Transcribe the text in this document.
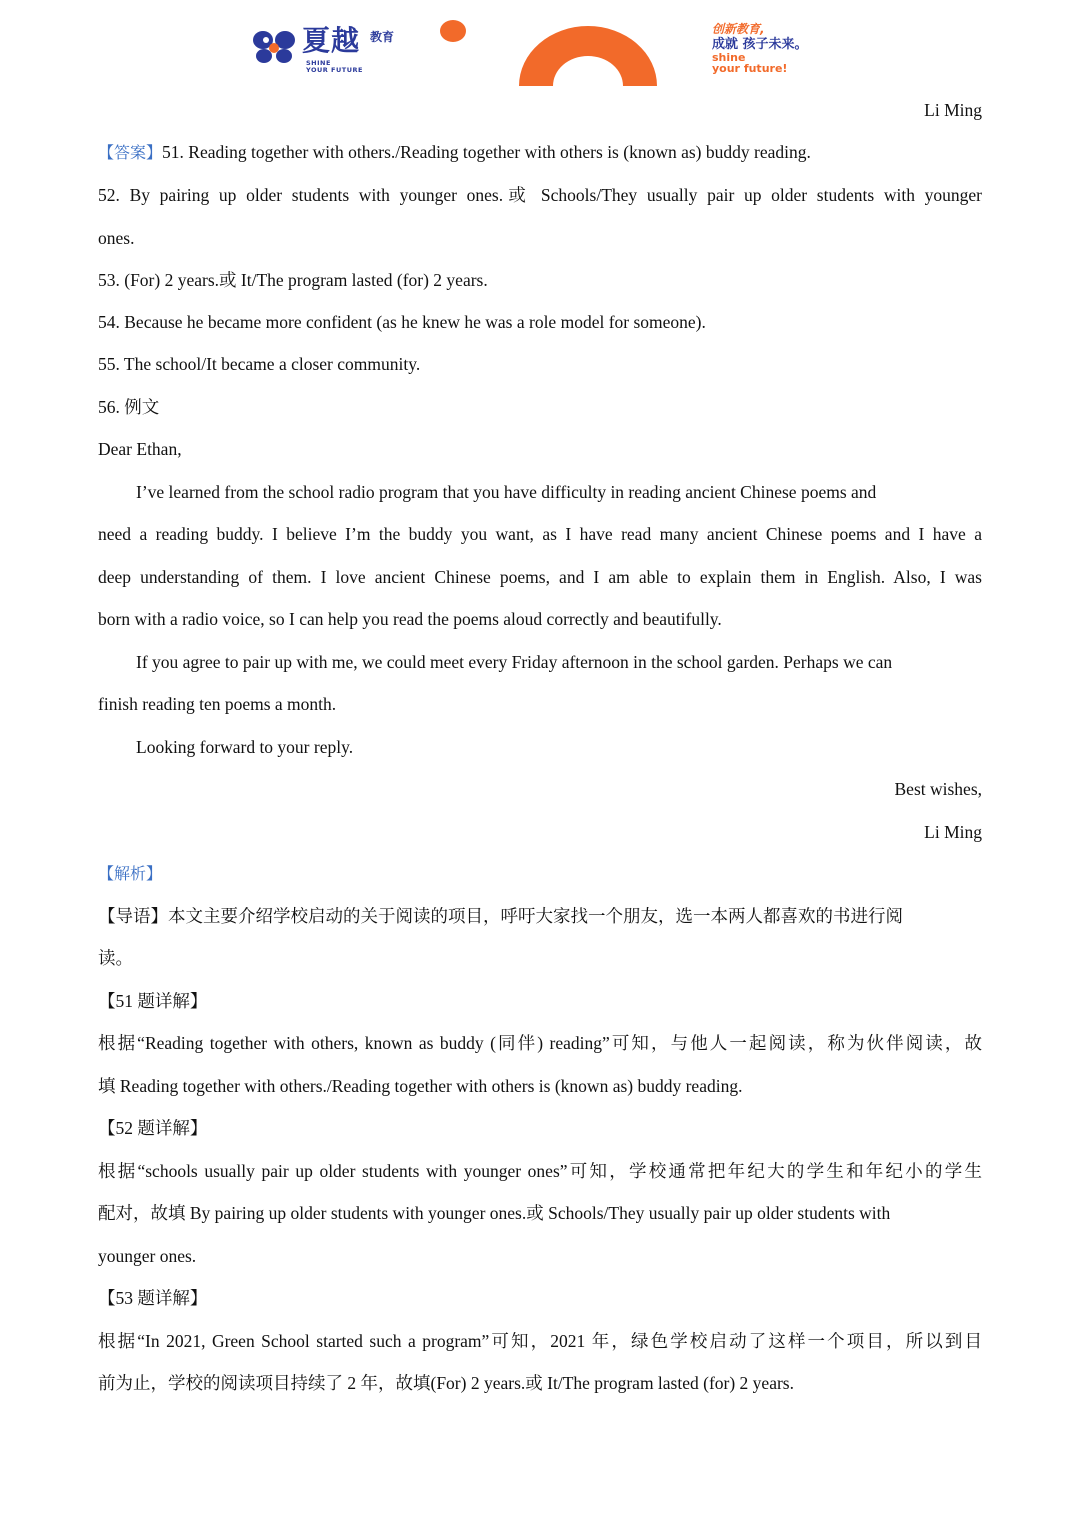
夏越 教育
SHINE
YOUR FUTURE
创新教育,
成就 孩子未来。
shine
your future!
Li Ming
【答案】51. Reading together with others./Reading together with others is (known as) buddy reading.
52. By pairing up older students with younger ones.或 Schools/They usually pair up older students with younger
ones.
53. (For) 2 years.或 It/The program lasted (for) 2 years.
54. Because he became more confident (as he knew he was a role model for someone).
55. The school/It became a closer community.
56. 例文
Dear Ethan,
I’ve learned from the school radio program that you have difficulty in reading ancient Chinese poems and
need a reading buddy. I believe I’m the buddy you want, as I have read many ancient Chinese poems and I have a
deep understanding of them. I love ancient Chinese poems, and I am able to explain them in English. Also, I was
born with a radio voice, so I can help you read the poems aloud correctly and beautifully.
If you agree to pair up with me, we could meet every Friday afternoon in the school garden. Perhaps we can
finish reading ten poems a month.
Looking forward to your reply.
Best wishes,
Li Ming
【解析】
【导语】本文主要介绍学校启动的关于阅读的项目，呼吁大家找一个朋友，选一本两人都喜欢的书进行阅
读。
【51 题详解】
根据“Reading together with others, known as buddy (同伴) reading”可知，与他人一起阅读，称为伙伴阅读，故
填 Reading together with others./Reading together with others is (known as) buddy reading.
【52 题详解】
根据“schools usually pair up older students with younger ones”可知，学校通常把年纪大的学生和年纪小的学生
配对，故填 By pairing up older students with younger ones.或 Schools/They usually pair up older students with
younger ones.
【53 题详解】
根据“In 2021, Green School started such a program”可知，2021 年，绿色学校启动了这样一个项目，所以到目
前为止，学校的阅读项目持续了 2 年，故填(For) 2 years.或 It/The program lasted (for) 2 years.
